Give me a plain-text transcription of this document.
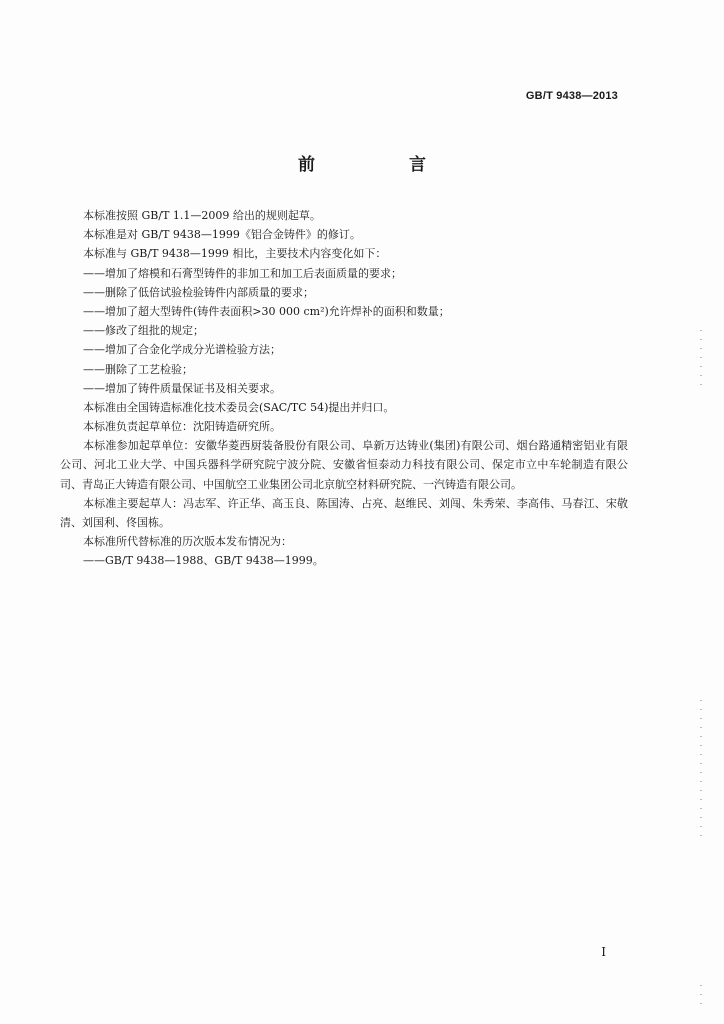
GB/T 9438—2013
前 言
本标准按照 GB/T 1.1—2009 给出的规则起草。
本标准是对 GB/T 9438—1999《铝合金铸件》的修订。
本标准与 GB/T 9438—1999 相比，主要技术内容变化如下：
——增加了熔模和石膏型铸件的非加工和加工后表面质量的要求；
——删除了低倍试验检验铸件内部质量的要求；
——增加了超大型铸件(铸件表面积>30 000 cm²)允许焊补的面积和数量；
——修改了组批的规定；
——增加了合金化学成分光谱检验方法；
——删除了工艺检验；
——增加了铸件质量保证书及相关要求。
本标准由全国铸造标准化技术委员会(SAC/TC 54)提出并归口。
本标准负责起草单位：沈阳铸造研究所。
本标准参加起草单位：安徽华菱西厨装备股份有限公司、阜新万达铸业(集团)有限公司、烟台路通精密铝业有限公司、河北工业大学、中国兵器科学研究院宁波分院、安徽省恒泰动力科技有限公司、保定市立中车轮制造有限公司、青岛正大铸造有限公司、中国航空工业集团公司北京航空材料研究院、一汽铸造有限公司。
本标准主要起草人：冯志军、许正华、高玉良、陈国涛、占亮、赵维民、刘闯、朱秀荣、李高伟、马春江、宋敬清、刘国利、佟国栋。
本标准所代替标准的历次版本发布情况为：
——GB/T 9438—1988、GB/T 9438—1999。
I
